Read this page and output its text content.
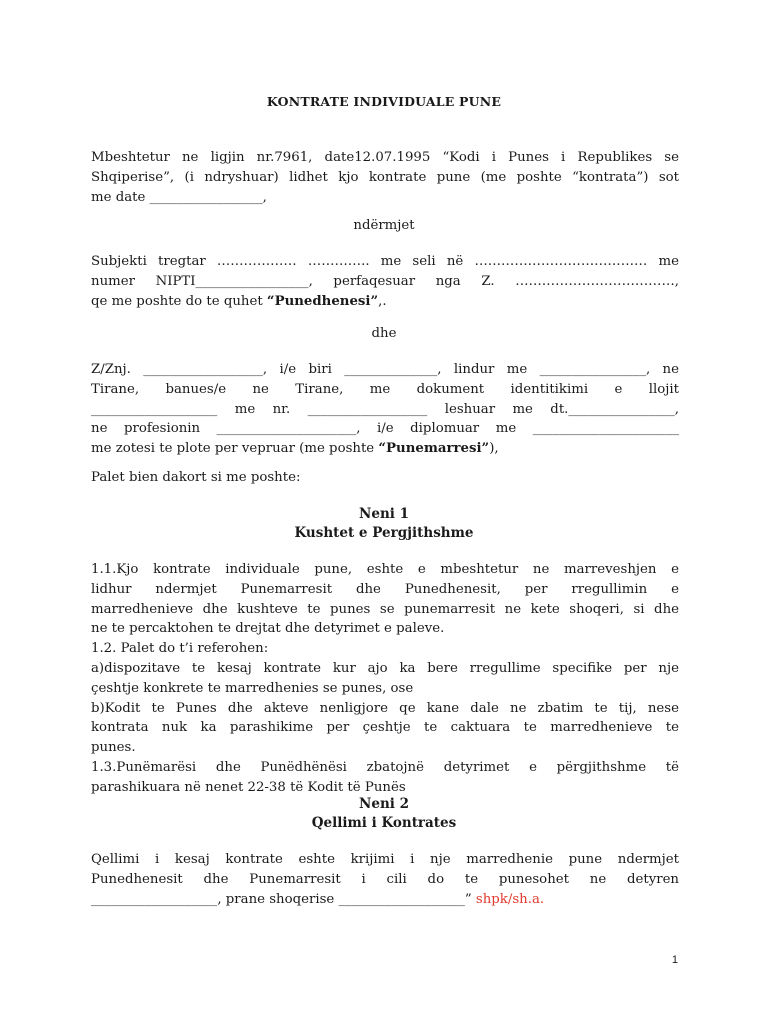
KONTRATE INDIVIDUALE PUNE
Mbeshtetur ne ligjin nr.7961, date12.07.1995 “Kodi i Punes i Republikes se
Shqiperise”, (i ndryshuar) lidhet kjo kontrate pune (me poshte “kontrata”) sot
me date _________________,
ndërmjet
Subjekti tregtar ……………… ………….. me seli në ………………………………… me
numer NIPTI_________________, perfaqesuar nga Z. ………………………………,
qe me poshte do te quhet “Punedhenesi”,.
dhe
Z/Znj. __________________, i/e biri ______________, lindur me ________________, ne
Tirane, banues/e ne Tirane, me dokument identitikimi e llojit
___________________ me nr. __________________ leshuar me dt.________________,
ne profesionin _____________________, i/e diplomuar me ______________________
me zotesi te plote per vepruar (me poshte “Punemarresi”),
Palet bien dakort si me poshte:
Neni 1
Kushtet e Pergjithshme
1.1.Kjo kontrate individuale pune, eshte e mbeshtetur ne marreveshjen e
lidhur ndermjet Punemarresit dhe Punedhenesit, per rregullimin e
marredhenieve dhe kushteve te punes se punemarresit ne kete shoqeri, si dhe
ne te percaktohen te drejtat dhe detyrimet e paleve.
1.2. Palet do t’i referohen:
a)dispozitave te kesaj kontrate kur ajo ka bere rregullime specifike per nje
çeshtje konkrete te marredhenies se punes, ose
b)Kodit te Punes dhe akteve nenligjore qe kane dale ne zbatim te tij, nese
kontrata nuk ka parashikime per çeshtje te caktuara te marredhenieve te
punes.
1.3.Punëmarësi dhe Punëdhënësi zbatojnë detyrimet e përgjithshme të
parashikuara në nenet 22-38 të Kodit të Punës
Neni 2
Qellimi i Kontrates
Qellimi i kesaj kontrate eshte krijimi i nje marredhenie pune ndermjet
Punedhenesit dhe Punemarresit i cili do te punesohet ne detyren
___________________, prane shoqerise ___________________” shpk/sh.a.
1
